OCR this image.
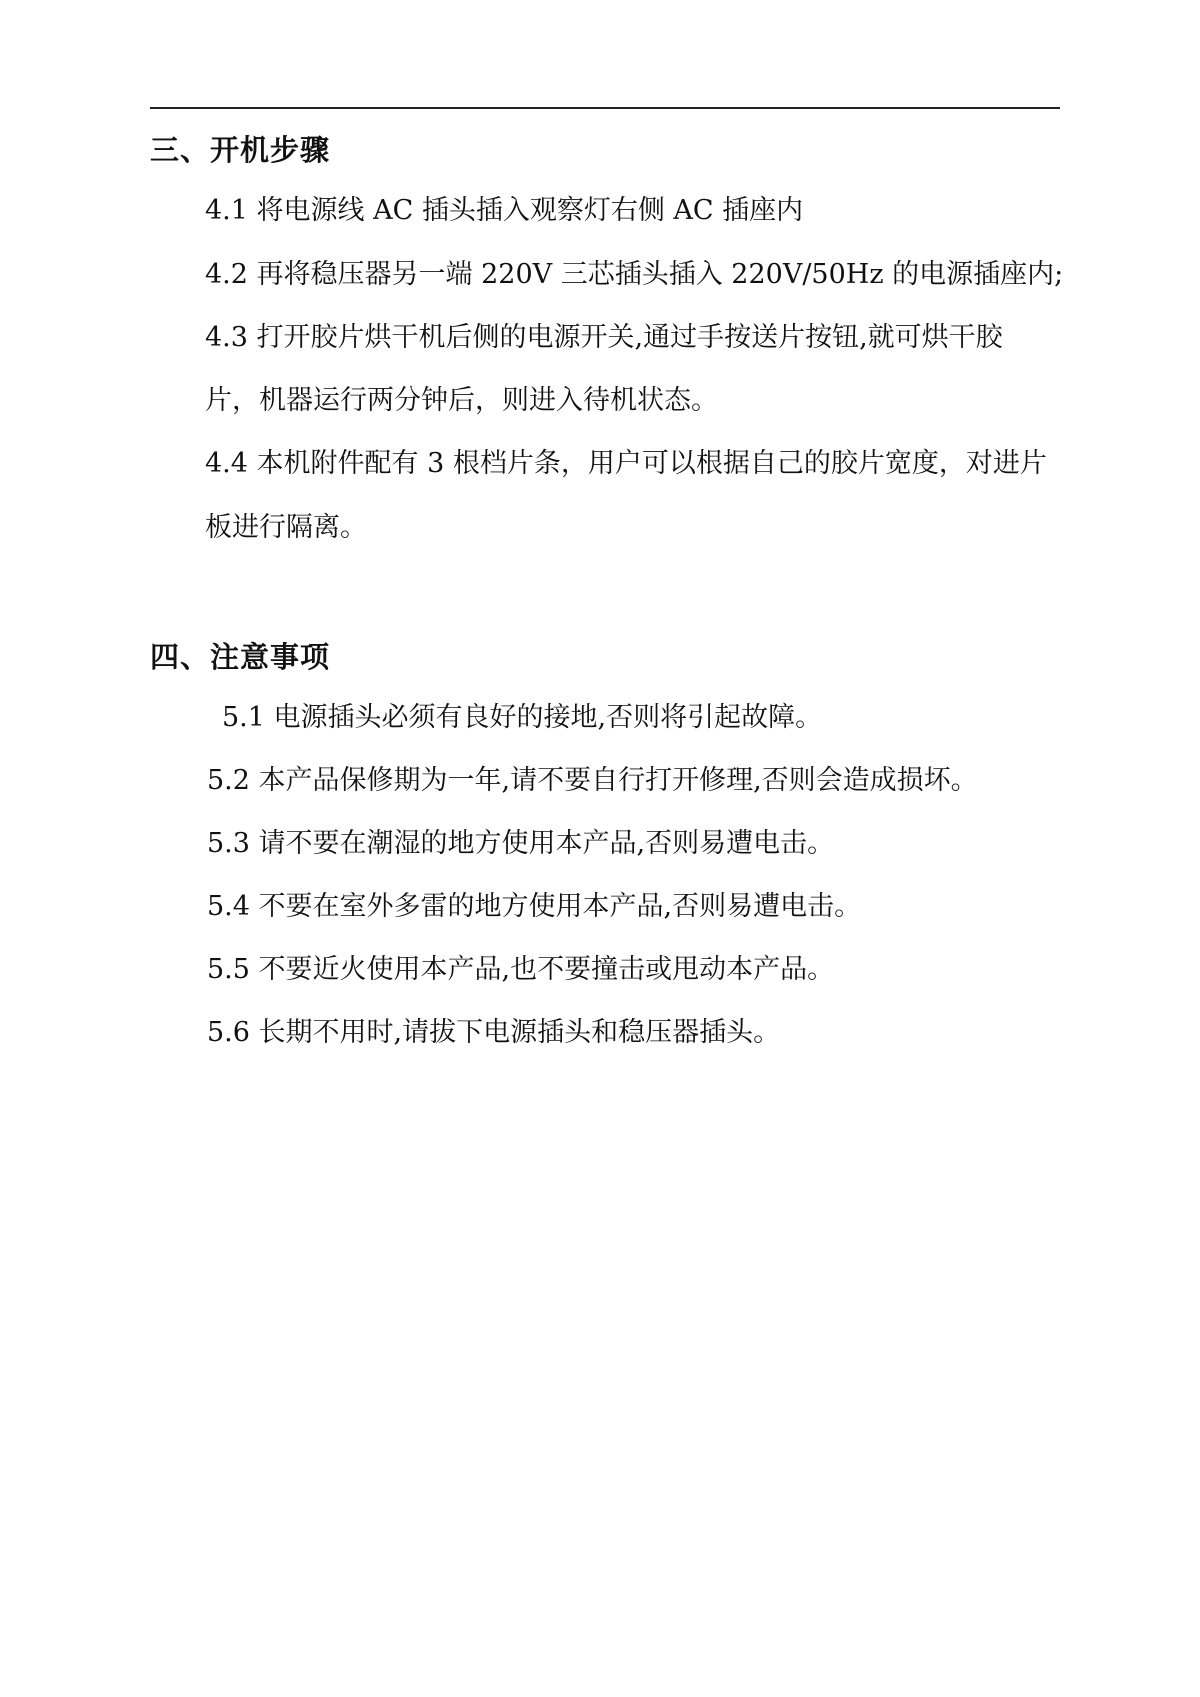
三、开机步骤
4.1 将电源线 AC 插头插入观察灯右侧 AC 插座内
4.2 再将稳压器另一端 220V 三芯插头插入 220V/50Hz 的电源插座内;
4.3 打开胶片烘干机后侧的电源开关,通过手按送片按钮,就可烘干胶
片，机器运行两分钟后，则进入待机状态。
4.4 本机附件配有 3 根档片条，用户可以根据自己的胶片宽度，对进片
板进行隔离。
四、注意事项
5.1 电源插头必须有良好的接地,否则将引起故障。
5.2 本产品保修期为一年,请不要自行打开修理,否则会造成损坏。
5.3 请不要在潮湿的地方使用本产品,否则易遭电击。
5.4 不要在室外多雷的地方使用本产品,否则易遭电击。
5.5 不要近火使用本产品,也不要撞击或甩动本产品。
5.6 长期不用时,请拔下电源插头和稳压器插头。
